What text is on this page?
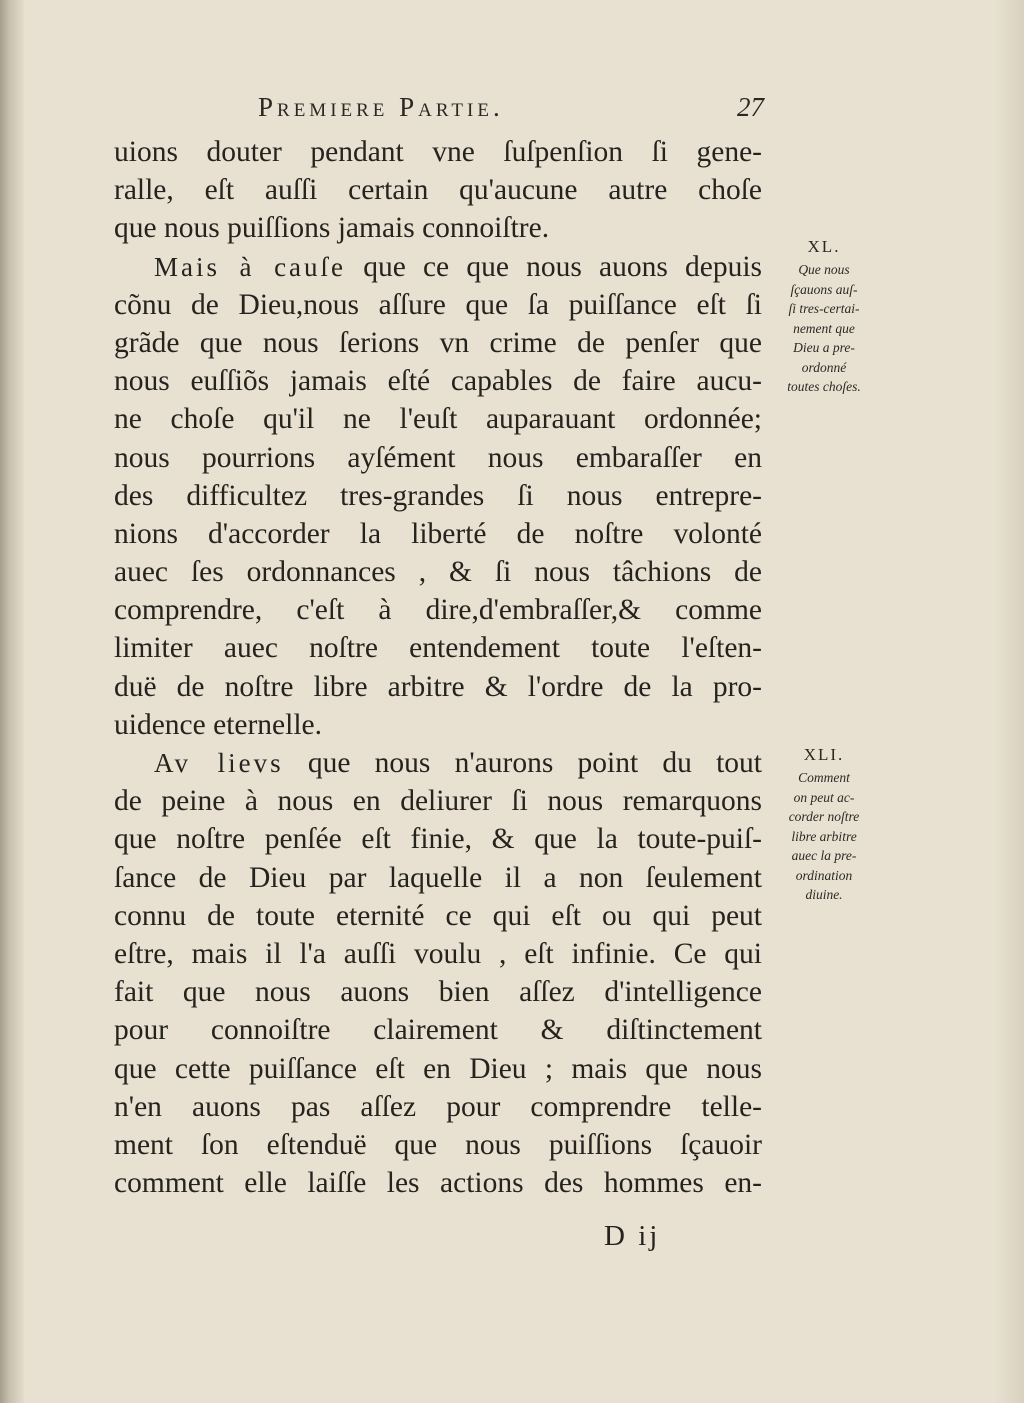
Premiere Partie.	27
uions douter pendant vne ſuſpenſion ſi gene-
ralle, eſt auſſi certain qu'aucune autre choſe
que nous puiſſions jamais connoiſtre.
Mais à cauſe que ce que nous auons depuis
cõnu de Dieu,nous aſſure que ſa puiſſance eſt ſi
grãde que nous ſerions vn crime de penſer que
nous euſſiõs jamais eſté capables de faire aucu-
ne choſe qu'il ne l'euſt auparauant ordonnée;
nous pourrions ayſément nous embaraſſer en
des difficultez tres-grandes ſi nous entrepre-
nions d'accorder la liberté de noſtre volonté
auec ſes ordonnances , & ſi nous tâchions de
comprendre, c'eſt à dire,d'embraſſer,& comme
limiter auec noſtre entendement toute l'eſten-
duë de noſtre libre arbitre & l'ordre de la pro-
uidence eternelle.
Av lievs que nous n'aurons point du tout
de peine à nous en deliurer ſi nous remarquons
que noſtre penſée eſt finie, & que la toute-puiſ-
ſance de Dieu par laquelle il a non ſeulement
connu de toute eternité ce qui eſt ou qui peut
eſtre, mais il l'a auſſi voulu , eſt infinie. Ce qui
fait que nous auons bien aſſez d'intelligence
pour connoiſtre clairement & diſtinctement
que cette puiſſance eſt en Dieu ; mais que nous
n'en auons pas aſſez pour comprendre telle-
ment ſon eſtenduë que nous puiſſions ſçauoir
comment elle laiſſe les actions des hommes en-
XL.
Que nous
ſçauons auſ-
ſi tres-certai-
nement que
Dieu a pre-
ordonné
toutes choſes.
XLI.
Comment
on peut ac-
corder noſtre
libre arbitre
auec la pre-
ordination
diuine.
D ij
